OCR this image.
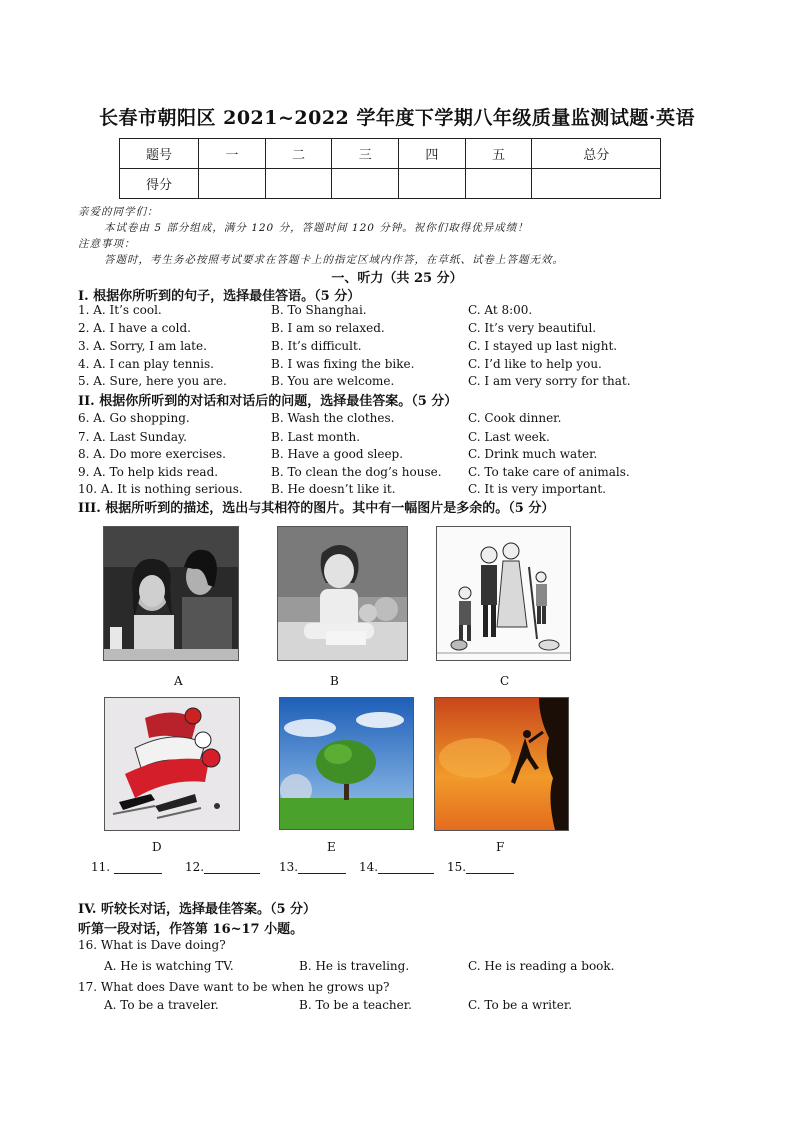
长春市朝阳区 2021~2022 学年度下学期八年级质量监测试题·英语
题号	一	二	三	四	五	总分
得分						
亲爱的同学们：
本试卷由 5 部分组成，满分 120 分，答题时间 120 分钟。祝你们取得优异成绩！
注意事项：
答题时，考生务必按照考试要求在答题卡上的指定区域内作答，在草纸、试卷上答题无效。
一、听力（共 25 分）
I. 根据你所听到的句子，选择最佳答语。（5 分）
1. A. It’s cool.	B. To Shanghai.	C. At 8:00.
2. A. I have a cold.	B. I am so relaxed.	C. It’s very beautiful.
3. A. Sorry, I am late.	B. It’s difficult.	C. I stayed up last night.
4. A. I can play tennis.	B. I was fixing the bike.	C. I’d like to help you.
5. A. Sure, here you are.	B. You are welcome.	C. I am very sorry for that.
II. 根据你所听到的对话和对话后的问题，选择最佳答案。（5 分）
6. A. Go shopping.	B. Wash the clothes.	C. Cook dinner.
7. A. Last Sunday.	B. Last month.	C. Last week.
8. A. Do more exercises.	B. Have a good sleep.	C. Drink much water.
9. A. To help kids read.	B. To clean the dog’s house. C. To take care of animals.
10. A. It is nothing serious. B. He doesn’t like it.	C. It is very important.
III. 根据所听到的描述，选出与其相符的图片。其中有一幅图片是多余的。（5 分）
A	B	C
D	E	F
11.	12.	13.	14.	15.
IV. 听较长对话，选择最佳答案。（5 分）
听第一段对话，作答第 16~17 小题。
16. What is Dave doing?
A. He is watching TV.	B. He is traveling.	C. He is reading a book.
17. What does Dave want to be when he grows up?
A. To be a traveler.	B. To be a teacher.	C. To be a writer.
